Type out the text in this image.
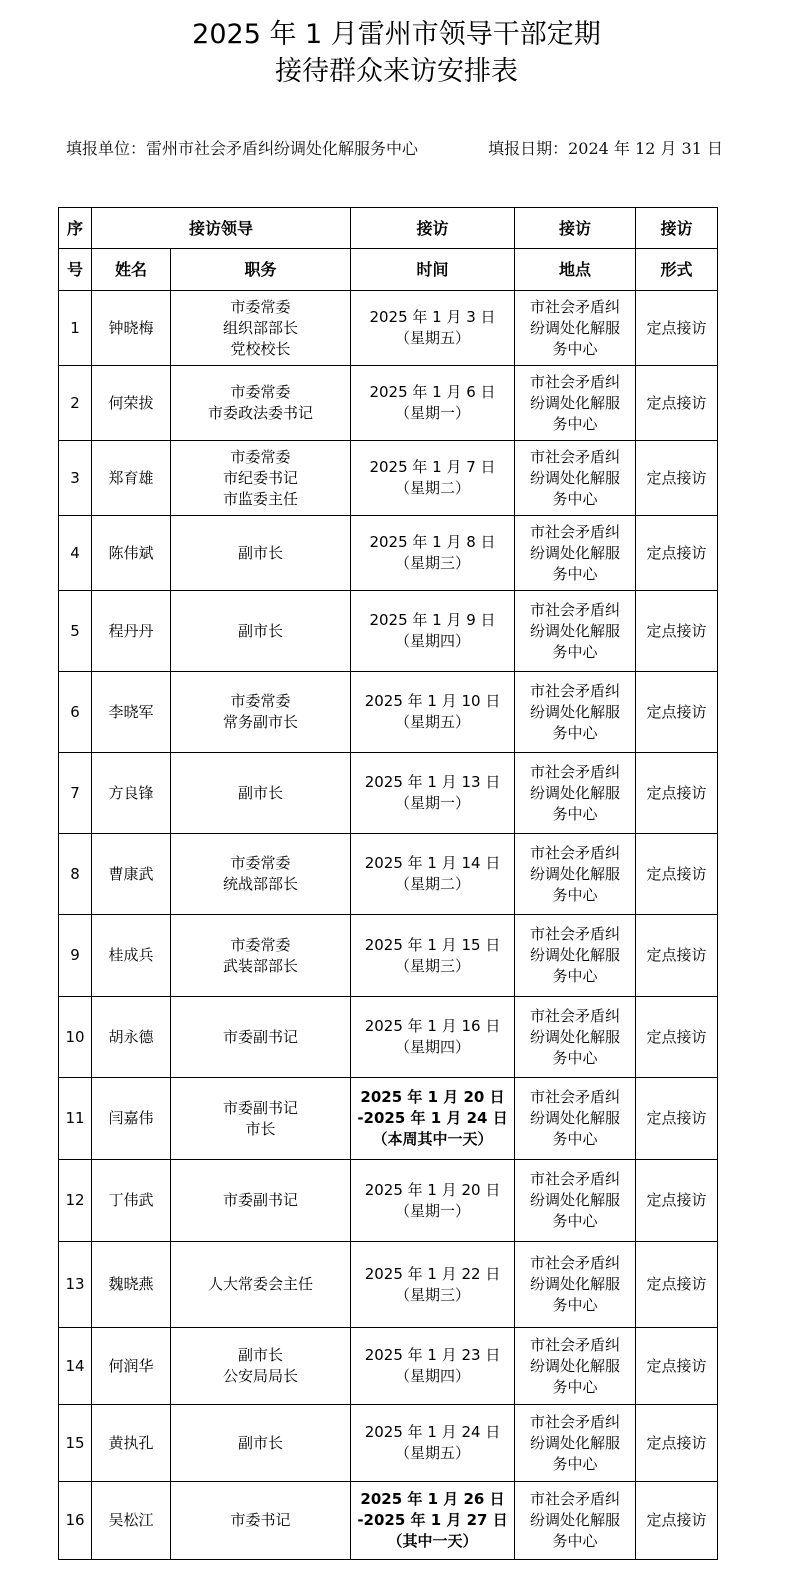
2025 年 1 月雷州市领导干部定期
接待群众来访安排表
填报单位：雷州市社会矛盾纠纷调处化解服务中心	填报日期：2024 年 12 月 31 日
序	接访领导		接访	接访	接访
号	姓名	职务	时间	地点	形式
1	钟晓梅	市委常委
组织部部长
党校校长	2025 年 1 月 3 日
（星期五）	市社会矛盾纠
纷调处化解服
务中心	定点接访
2	何荣拔	市委常委
市委政法委书记	2025 年 1 月 6 日
（星期一）	市社会矛盾纠
纷调处化解服
务中心	定点接访
3	郑育雄	市委常委
市纪委书记
市监委主任	2025 年 1 月 7 日
（星期二）	市社会矛盾纠
纷调处化解服
务中心	定点接访
4	陈伟斌	副市长	2025 年 1 月 8 日
（星期三）	市社会矛盾纠
纷调处化解服
务中心	定点接访
5	程丹丹	副市长	2025 年 1 月 9 日
（星期四）	市社会矛盾纠
纷调处化解服
务中心	定点接访
6	李晓军	市委常委
常务副市长	2025 年 1 月 10 日
（星期五）	市社会矛盾纠
纷调处化解服
务中心	定点接访
7	方良锋	副市长	2025 年 1 月 13 日
（星期一）	市社会矛盾纠
纷调处化解服
务中心	定点接访
8	曹康武	市委常委
统战部部长	2025 年 1 月 14 日
（星期二）	市社会矛盾纠
纷调处化解服
务中心	定点接访
9	桂成兵	市委常委
武装部部长	2025 年 1 月 15 日
（星期三）	市社会矛盾纠
纷调处化解服
务中心	定点接访
10	胡永德	市委副书记	2025 年 1 月 16 日
（星期四）	市社会矛盾纠
纷调处化解服
务中心	定点接访
11	闫嘉伟	市委副书记
市长	2025 年 1 月 20 日
-2025 年 1 月 24 日
（本周其中一天）	市社会矛盾纠
纷调处化解服
务中心	定点接访
12	丁伟武	市委副书记	2025 年 1 月 20 日
（星期一）	市社会矛盾纠
纷调处化解服
务中心	定点接访
13	魏晓燕	人大常委会主任	2025 年 1 月 22 日
（星期三）	市社会矛盾纠
纷调处化解服
务中心	定点接访
14	何润华	副市长
公安局局长	2025 年 1 月 23 日
（星期四）	市社会矛盾纠
纷调处化解服
务中心	定点接访
15	黄执孔	副市长	2025 年 1 月 24 日
（星期五）	市社会矛盾纠
纷调处化解服
务中心	定点接访
16	吴松江	市委书记	2025 年 1 月 26 日
-2025 年 1 月 27 日
（其中一天）	市社会矛盾纠
纷调处化解服
务中心	定点接访
